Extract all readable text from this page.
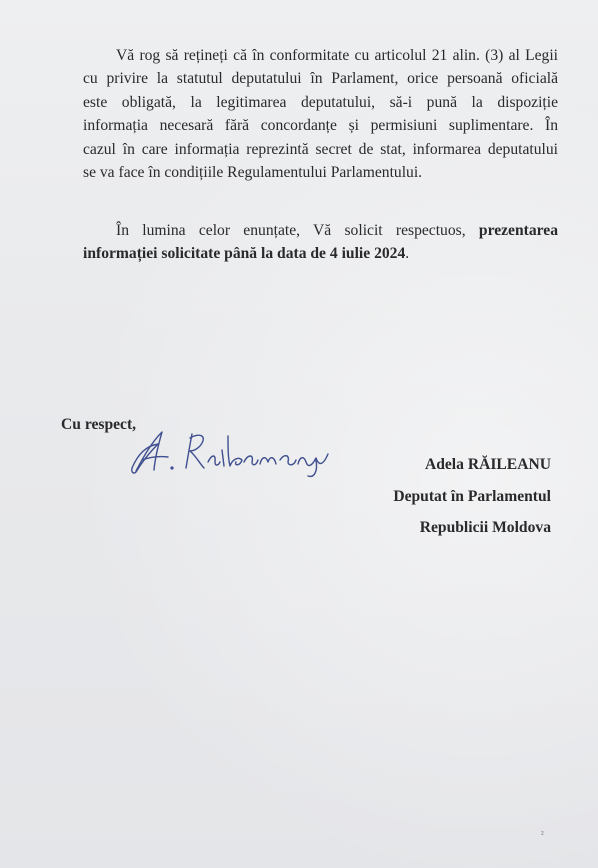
Vă rog să rețineți că în conformitate cu articolul 21 alin. (3) al Legii
cu privire la statutul deputatului în Parlament, orice persoană oficială
este obligată, la legitimarea deputatului, să-i pună la dispoziție
informația necesară fără concordanțe și permisiuni suplimentare. În
cazul în care informația reprezintă secret de stat, informarea deputatului
se va face în condițiile Regulamentului Parlamentului.

În lumina celor enunțate, Vă solicit respectuos, prezentarea
informației solicitate până la data de 4 iulie 2024.

Cu respect,

Adela RĂILEANU
Deputat în Parlamentul
Republicii Moldova
²
